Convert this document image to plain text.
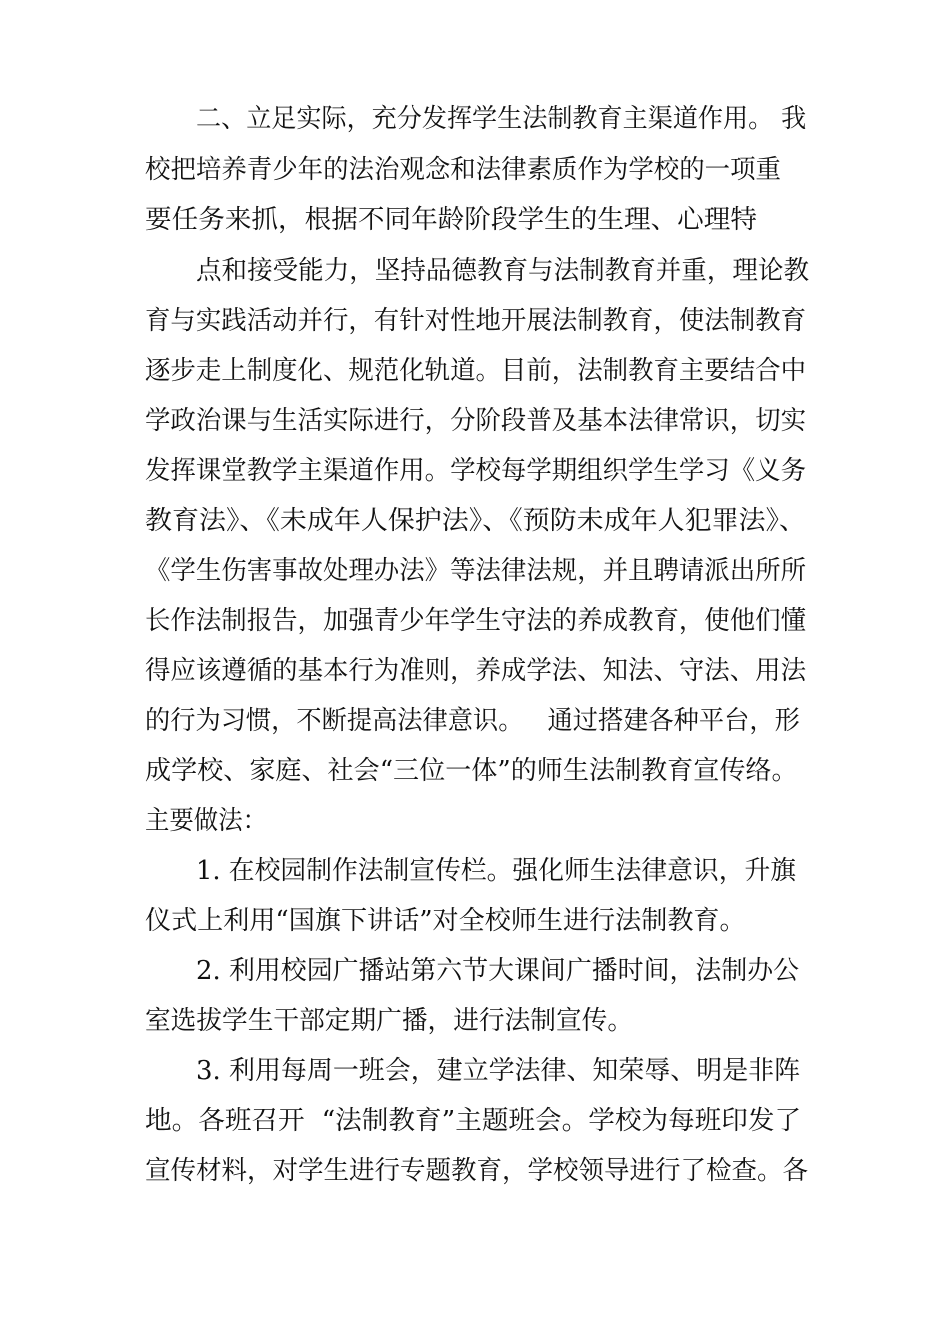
二、立足实际，充分发挥学生法制教育主渠道作用。 我

校把培养青少年的法治观念和法律素质作为学校的一项重

要任务来抓，根据不同年龄阶段学生的生理、心理特

点和接受能力，坚持品德教育与法制教育并重，理论教

育与实践活动并行，有针对性地开展法制教育，使法制教育

逐步走上制度化、规范化轨道。目前，法制教育主要结合中

学政治课与生活实际进行，分阶段普及基本法律常识，切实

发挥课堂教学主渠道作用。学校每学期组织学生学习《义务

教育法》、《未成年人保护法》、《预防未成年人犯罪法》、

《学生伤害事故处理办法》等法律法规，并且聘请派出所所

长作法制报告，加强青少年学生守法的养成教育，使他们懂

得应该遵循的基本行为准则，养成学法、知法、守法、用法

的行为习惯，不断提高法律意识。   通过搭建各种平台，形

成学校、家庭、社会“三位一体”的师生法制教育宣传络。

主要做法：

1. 在校园制作法制宣传栏。强化师生法律意识，升旗

仪式上利用“国旗下讲话”对全校师生进行法制教育。

2. 利用校园广播站第六节大课间广播时间，法制办公

室选拔学生干部定期广播，进行法制宣传。

3. 利用每周一班会，建立学法律、知荣辱、明是非阵

地。各班召开  “法制教育”主题班会。学校为每班印发了

宣传材料，对学生进行专题教育，学校领导进行了检查。各
